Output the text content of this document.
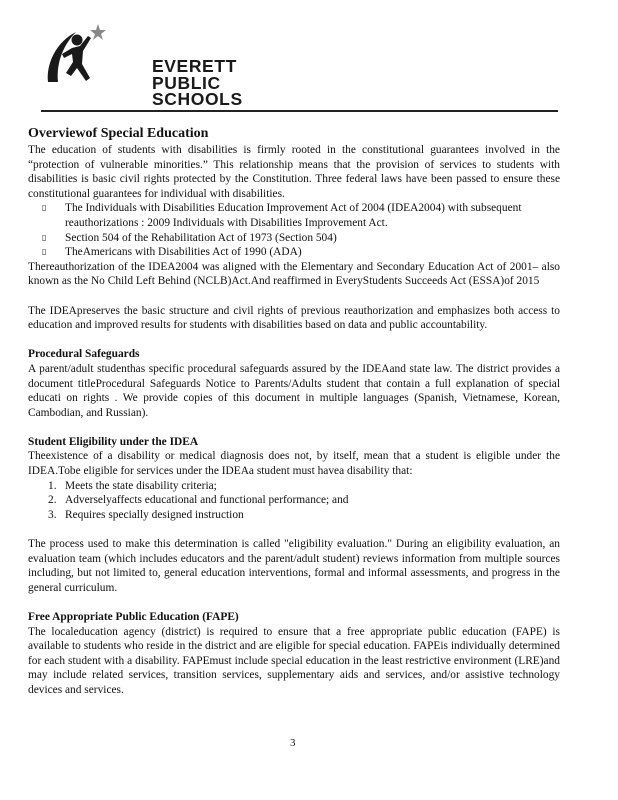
EVERETT
PUBLIC
SCHOOLS
Overviewof Special Education

The education of students with disabilities is firmly rooted in the constitutional guarantees involved in the “protection of vulnerable minorities.” This relationship means that the provision of services to students with disabilities is basic civil rights protected by the Constitution. Three federal laws have been passed to ensure these constitutional guarantees for individual with disabilities.

▯ The Individuals with Disabilities Education Improvement Act of 2004 (IDEA2004) with subsequent reauthorizations : 2009 Individuals with Disabilities Improvement Act.
▯ Section 504 of the Rehabilitation Act of 1973 (Section 504)
▯ TheAmericans with Disabilities Act of 1990 (ADA)

Thereauthorization of the IDEA2004 was aligned with the Elementary and Secondary Education Act of 2001– also known as the No Child Left Behind (NCLB)Act.And reaffirmed in EveryStudents Succeeds Act (ESSA)of 2015

The IDEApreserves the basic structure and civil rights of previous reauthorization and emphasizes both access to education and improved results for students with disabilities based on data and public accountability.

Procedural Safeguards

A parent/adult studenthas specific procedural safeguards assured by the IDEAand state law. The district provides a document titleProcedural Safeguards Notice to Parents/Adults student that contain a full explanation of special educati on rights . We provide copies of this document in multiple languages (Spanish, Vietnamese, Korean, Cambodian, and Russian).

Student Eligibility under the IDEA

Theexistence of a disability or medical diagnosis does not, by itself, mean that a student is eligible under the IDEA.Tobe eligible for services under the IDEAa student must havea disability that:

1. Meets the state disability criteria;
2. Adverselyaffects educational and functional performance; and
3. Requires specially designed instruction

The process used to make this determination is called "eligibility evaluation." During an eligibility evaluation, an evaluation team (which includes educators and the parent/adult student) reviews information from multiple sources including, but not limited to, general education interventions, formal and informal assessments, and progress in the general curriculum.

Free Appropriate Public Education (FAPE)

The localeducation agency (district) is required to ensure that a free appropriate public education (FAPE) is available to students who reside in the district and are eligible for special education. FAPEis individually determined for each student with a disability. FAPEmust include special education in the least restrictive environment (LRE)and may include related services, transition services, supplementary aids and services, and/or assistive technology devices and services.

3
